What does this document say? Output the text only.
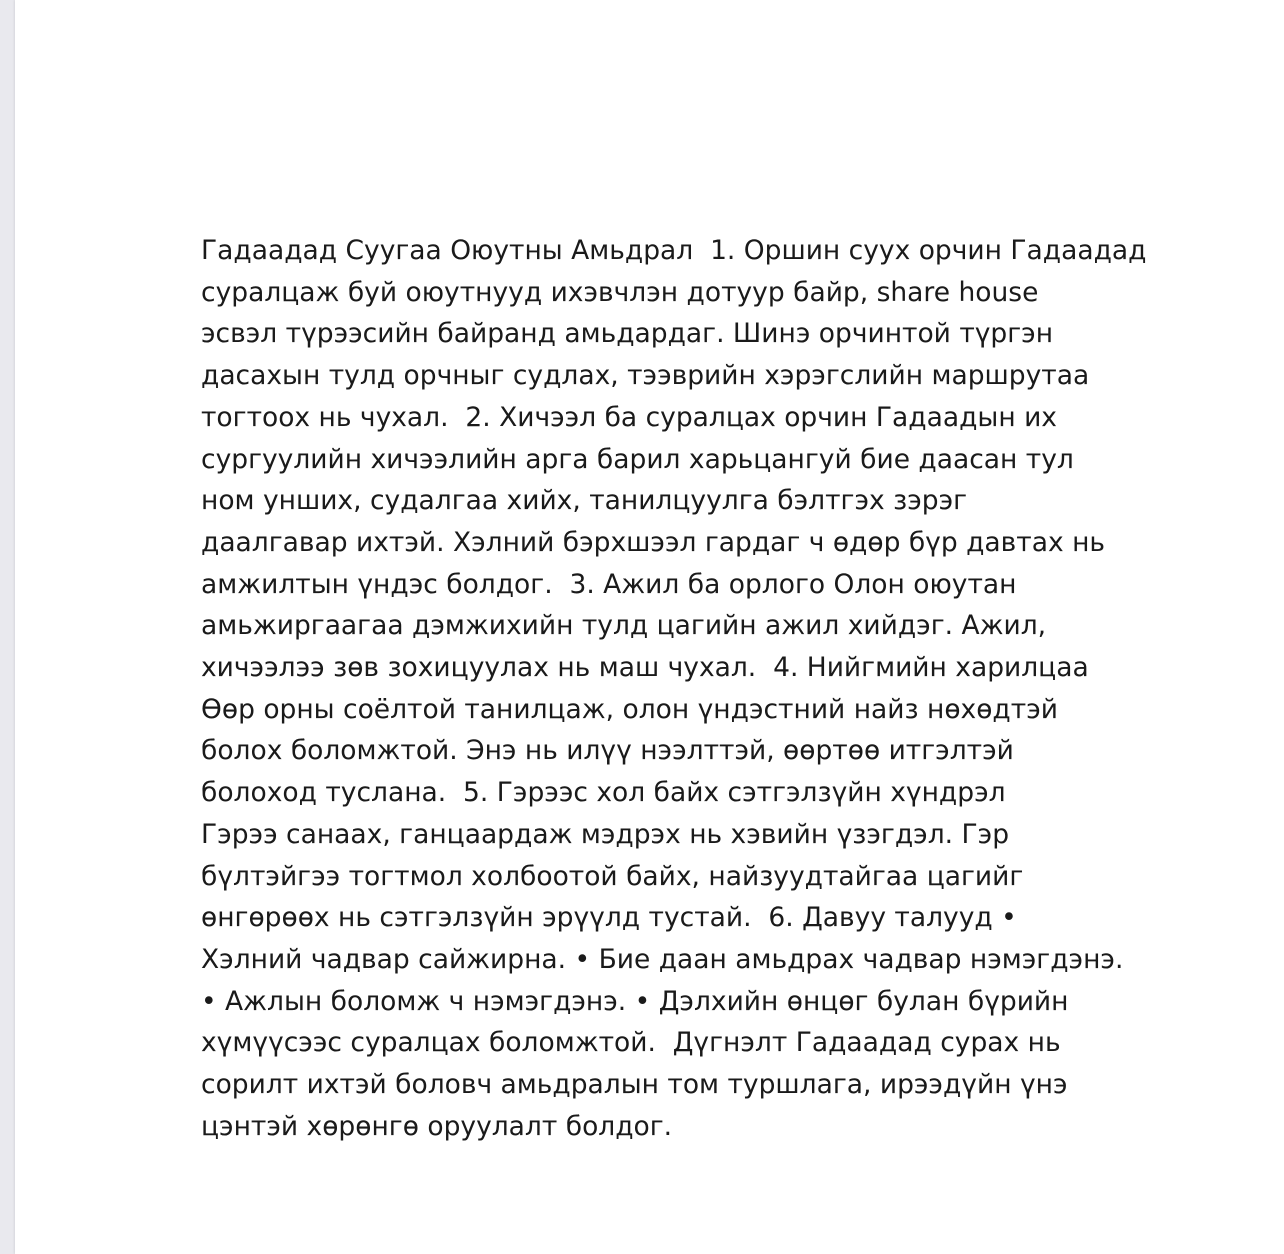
Гадаадад Суугаа Оюутны Амьдрал  1. Оршин суух орчин Гадаадад
суралцаж буй оюутнууд ихэвчлэн дотуур байр, share house
эсвэл түрээсийн байранд амьдардаг. Шинэ орчинтой түргэн
дасахын тулд орчныг судлах, тээврийн хэрэгслийн маршрутаа
тогтоох нь чухал.  2. Хичээл ба суралцах орчин Гадаадын их
сургуулийн хичээлийн арга барил харьцангуй бие даасан тул
ном унших, судалгаа хийх, танилцуулга бэлтгэх зэрэг
даалгавар ихтэй. Хэлний бэрхшээл гардаг ч өдөр бүр давтах нь
амжилтын үндэс болдог.  3. Ажил ба орлого Олон оюутан
амьжиргаагаа дэмжихийн тулд цагийн ажил хийдэг. Ажил,
хичээлээ зөв зохицуулах нь маш чухал.  4. Нийгмийн харилцаа
Өөр орны соёлтой танилцаж, олон үндэстний найз нөхөдтэй
болох боломжтой. Энэ нь илүү нээлттэй, өөртөө итгэлтэй
болоход туслана.  5. Гэрээс хол байх сэтгэлзүйн хүндрэл
Гэрээ санаах, ганцаардаж мэдрэх нь хэвийн үзэгдэл. Гэр
бүлтэйгээ тогтмол холбоотой байх, найзуудтайгаа цагийг
өнгөрөөх нь сэтгэлзүйн эрүүлд тустай.  6. Давуу талууд •
Хэлний чадвар сайжирна. • Бие даан амьдрах чадвар нэмэгдэнэ.
• Ажлын боломж ч нэмэгдэнэ. • Дэлхийн өнцөг булан бүрийн
хүмүүсээс суралцах боломжтой.  Дүгнэлт Гадаадад сурах нь
сорилт ихтэй боловч амьдралын том туршлага, ирээдүйн үнэ
цэнтэй хөрөнгө оруулалт болдог.
